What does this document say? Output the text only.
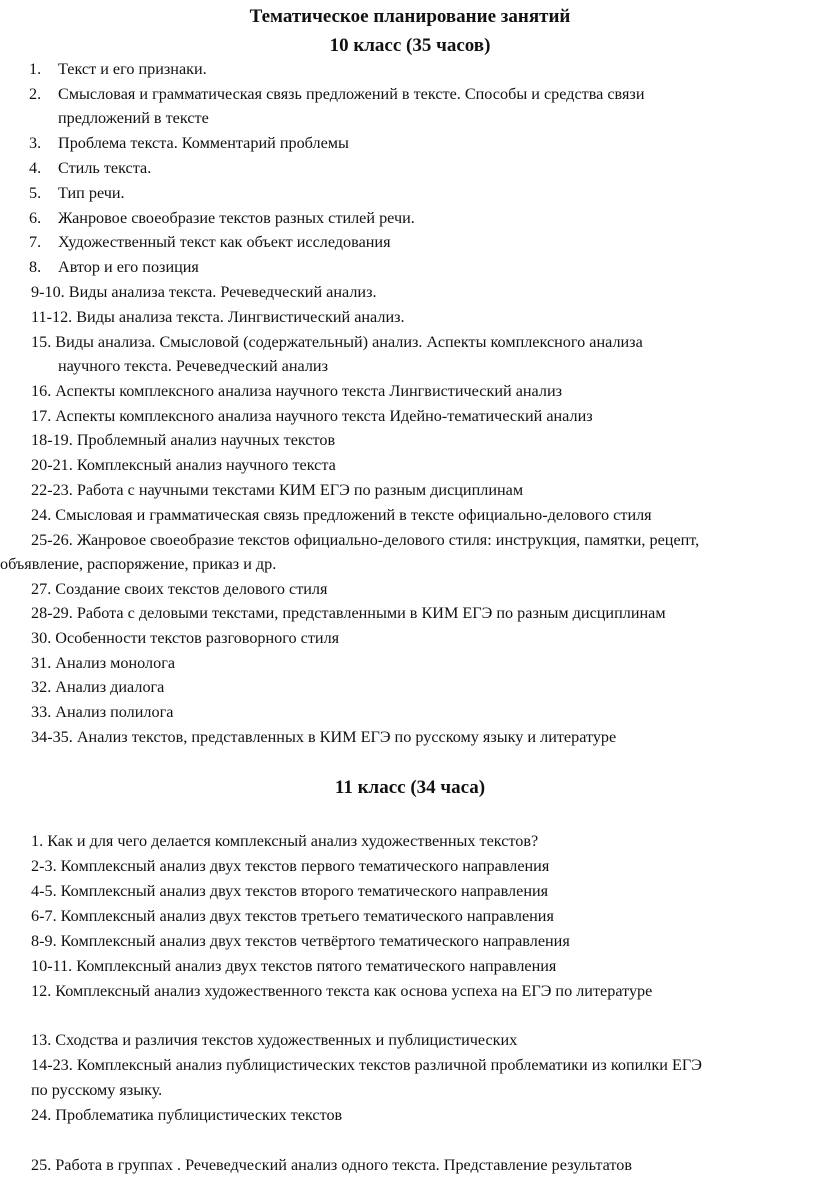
Тематическое планирование занятий
10 класс (35 часов)
1. Текст и его признаки.
2. Смысловая и грамматическая связь предложений в тексте. Способы и средства связи
предложений в тексте
3. Проблема текста. Комментарий проблемы
4. Стиль текста.
5. Тип речи.
6. Жанровое своеобразие текстов разных стилей речи.
7. Художественный текст как объект исследования
8. Автор и его позиция
9-10. Виды анализа текста. Речеведческий анализ.
11-12. Виды анализа текста. Лингвистический анализ.
15. Виды анализа. Смысловой (содержательный) анализ. Аспекты комплексного анализа
научного текста. Речеведческий анализ
16. Аспекты комплексного анализа научного текста Лингвистический анализ
17. Аспекты комплексного анализа научного текста Идейно-тематический анализ
18-19. Проблемный анализ научных текстов
20-21. Комплексный анализ научного текста
22-23. Работа с научными текстами КИМ ЕГЭ по разным дисциплинам
24. Смысловая и грамматическая связь предложений в тексте официально-делового стиля
25-26. Жанровое своеобразие текстов официально-делового стиля: инструкция, памятки, рецепт,
объявление, распоряжение, приказ и др.
27. Создание своих текстов делового стиля
28-29. Работа с деловыми текстами, представленными в КИМ ЕГЭ по разным дисциплинам
30. Особенности текстов разговорного стиля
31. Анализ монолога
32. Анализ диалога
33. Анализ полилога
34-35. Анализ текстов, представленных в КИМ ЕГЭ по русскому языку и литературе
11 класс (34 часа)
1. Как и для чего делается комплексный анализ художественных текстов?
2-3. Комплексный анализ двух текстов первого тематического направления
4-5. Комплексный анализ двух текстов второго тематического направления
6-7. Комплексный анализ двух текстов третьего тематического направления
8-9. Комплексный анализ двух текстов четвёртого тематического направления
10-11. Комплексный анализ двух текстов пятого тематического направления
12. Комплексный анализ художественного текста как основа успеха на ЕГЭ по литературе
13. Сходства и различия текстов художественных и публицистических
14-23. Комплексный анализ публицистических текстов различной проблематики из копилки ЕГЭ
по русскому языку.
24. Проблематика публицистических текстов
25. Работа в группах . Речеведческий анализ одного текста. Представление результатов
